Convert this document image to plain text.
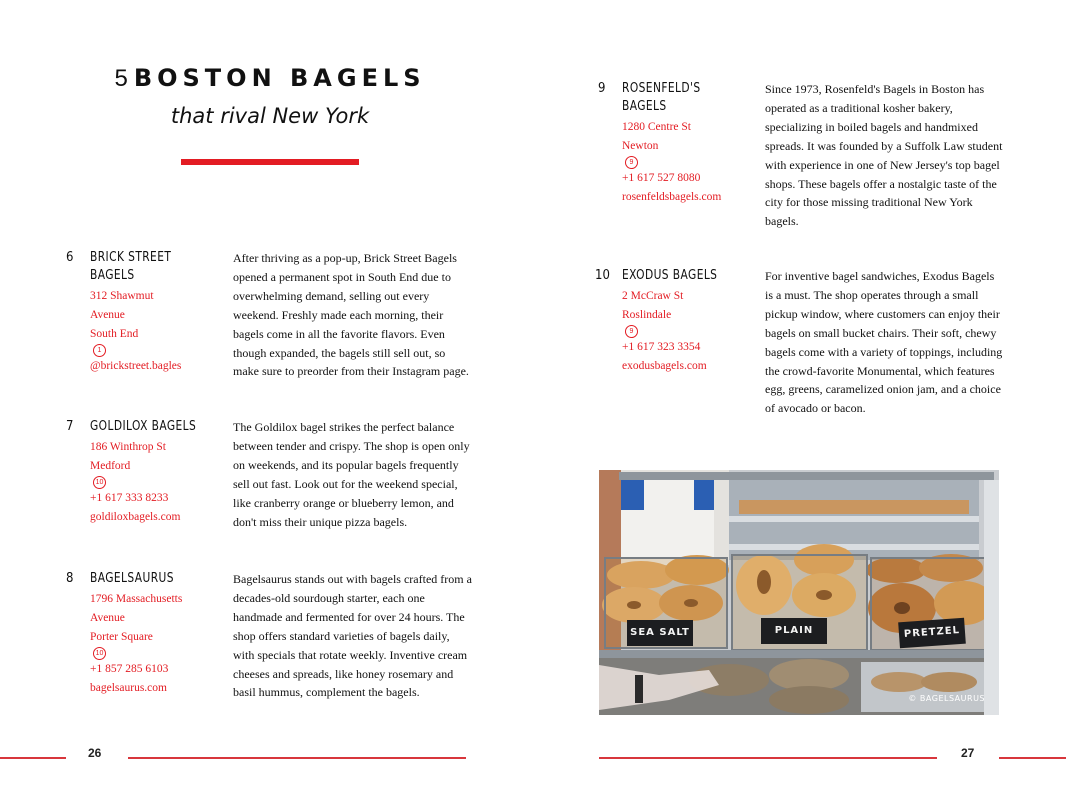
5 BOSTON BAGELS
that rival New York
6 BRICK STREET
BAGELS
312 Shawmut
Avenue
South End
1
@brickstreet.bagles
After thriving as a pop-up, Brick Street Bagels opened a permanent spot in South End due to overwhelming demand, selling out every weekend. Freshly made each morning, their bagels come in all the favorite flavors. Even though expanded, the bagels still sell out, so make sure to preorder from their Instagram page.
7 GOLDILOX BAGELS
186 Winthrop St
Medford
10
+1 617 333 8233
goldiloxbagels.com
The Goldilox bagel strikes the perfect balance between tender and crispy. The shop is open only on weekends, and its popular bagels frequently sell out fast. Look out for the weekend special, like cranberry orange or blueberry lemon, and don't miss their unique pizza bagels.
8 BAGELSAURUS
1796 Massachusetts
Avenue
Porter Square
10
+1 857 285 6103
bagelsaurus.com
Bagelsaurus stands out with bagels crafted from a decades-old sourdough starter, each one handmade and fermented for over 24 hours. The shop offers standard varieties of bagels daily, with specials that rotate weekly. Inventive cream cheeses and spreads, like honey rosemary and basil hummus, complement the bagels.
26
9 ROSENFELD'S
BAGELS
1280 Centre St
Newton
9
+1 617 527 8080
rosenfeldsbagels.com
Since 1973, Rosenfeld's Bagels in Boston has operated as a traditional kosher bakery, specializing in boiled bagels and handmixed spreads. It was founded by a Suffolk Law student with experience in one of New Jersey's top bagel shops. These bagels offer a nostalgic taste of the city for those missing traditional New York bagels.
10 EXODUS BAGELS
2 McCraw St
Roslindale
9
+1 617 323 3354
exodusbagels.com
For inventive bagel sandwiches, Exodus Bagels is a must. The shop operates through a small pickup window, where customers can enjoy their bagels on small bucket chairs. Their soft, chewy bagels come with a variety of toppings, including the crowd-favorite Monumental, which features egg, greens, caramelized onion jam, and a choice of avocado or bacon.
SEA SALT	PLAIN	PRETZEL
© BAGELSAURUS
27
